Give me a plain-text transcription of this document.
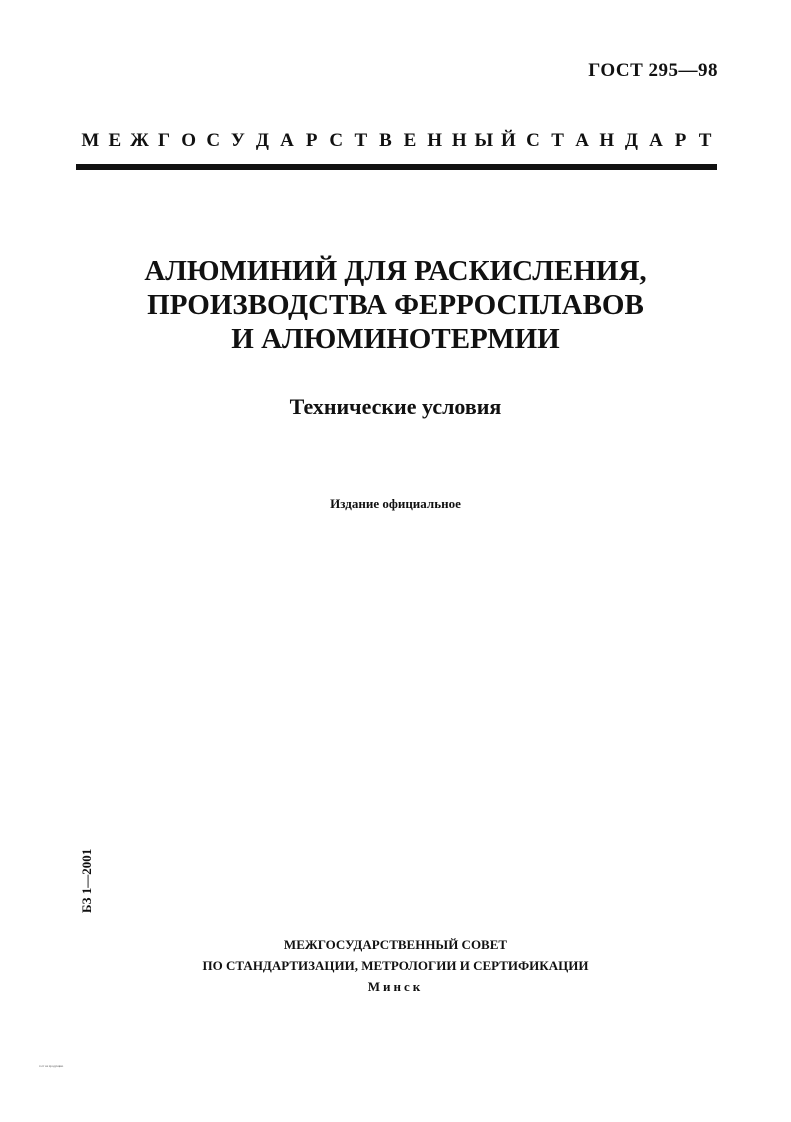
ГОСТ 295—98
М Е Ж Г О С У Д А Р С Т В Е Н Н Ы Й С Т А Н Д А Р Т
АЛЮМИНИЙ ДЛЯ РАСКИСЛЕНИЯ,
ПРОИЗВОДСТВА ФЕРРОСПЛАВОВ
И АЛЮМИНОТЕРМИИ
Технические условия
Издание официальное
БЗ 1—2001
МЕЖГОСУДАРСТВЕННЫЙ СОВЕТ
ПО СТАНДАРТИЗАЦИИ, МЕТРОЛОГИИ И СЕРТИФИКАЦИИ
Минск
гост на продукцию
